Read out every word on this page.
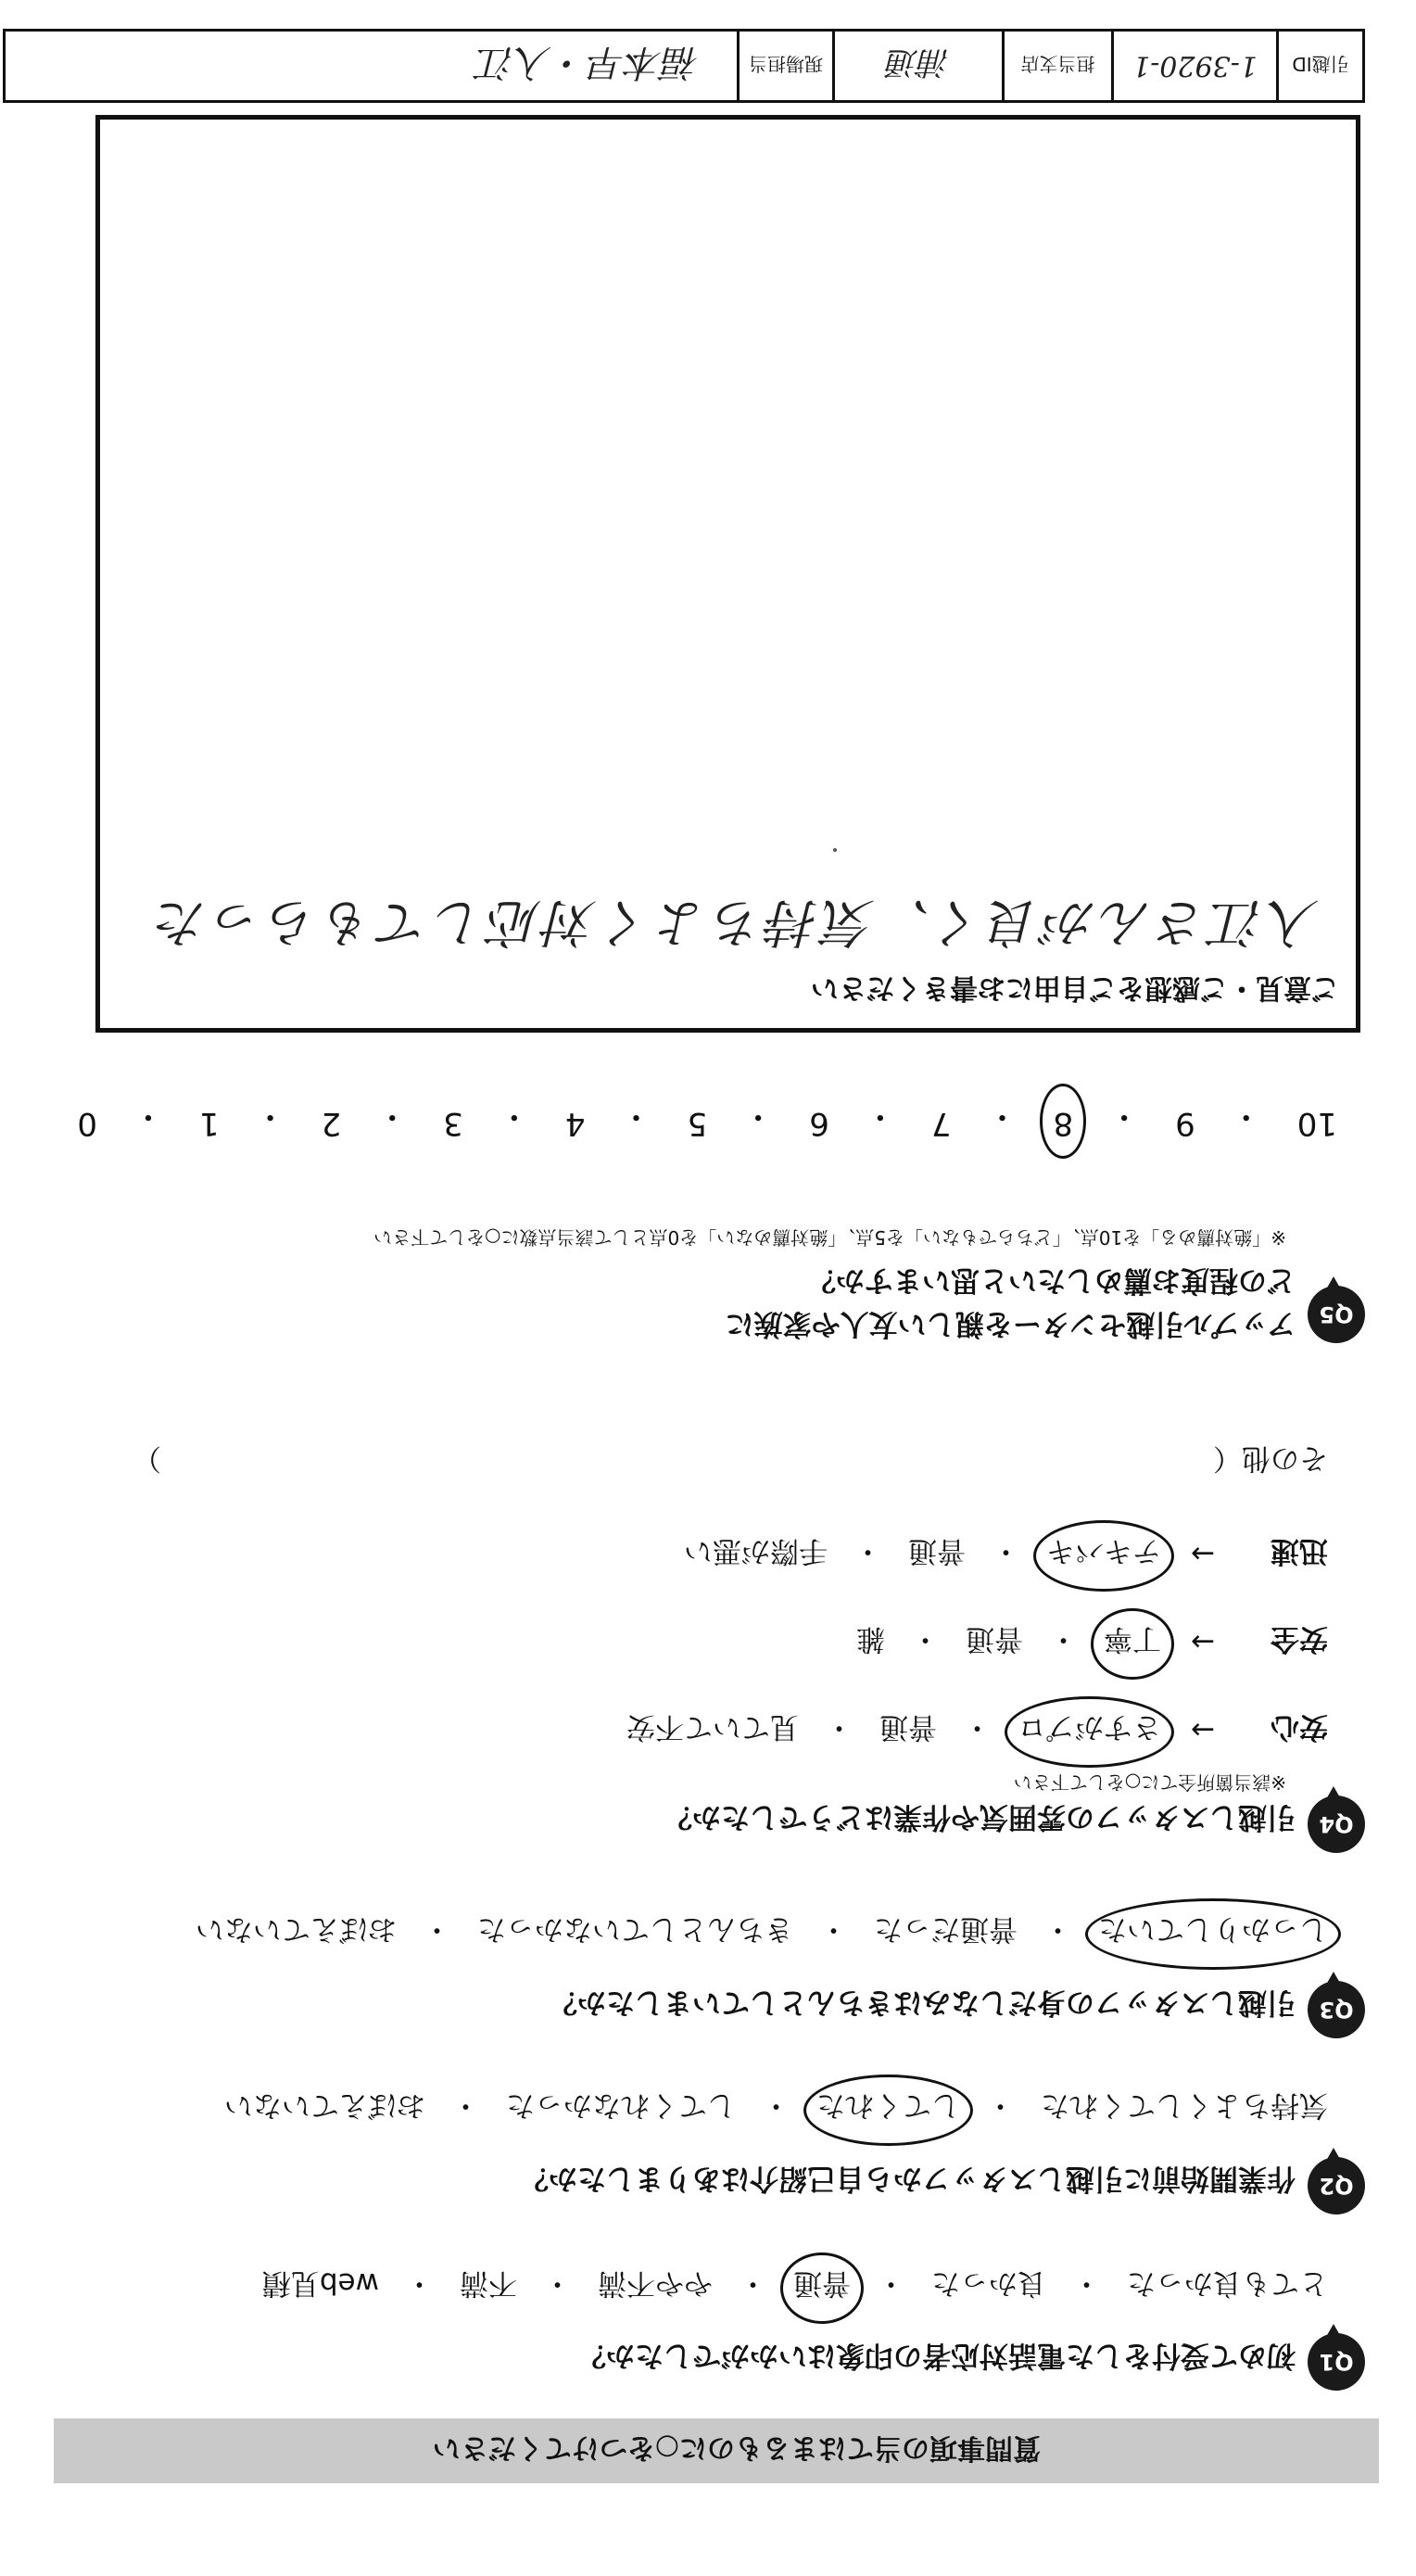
質問事項の当てはまるものに○をつけてください
Q1
初めて受付をした電話対応者の印象はいかがでしたか？
とても良かった
・
良かった
・
普通
・
やや不満
・
不満
・
web見積
Q2
作業開始前に引越しスタッフから自己紹介はありましたか？
気持ちよくしてくれた
・
してくれた
・
してくれなかった
・
おぼえていない
Q3
引越しスタッフの身だしなみはきちんとしていましたか？
しっかりしていた
・
普通だった
・
きちんとしていなかった
・
おぼえていない
Q4
引越しスタッフの雰囲気や作業はどうでしたか？
※該当箇所全てに○をして下さい
安心
→
さすがプロ
・
普通
・
見ていて不安
安全
→
丁寧
・
普通
・
雑
迅速
→
テキパキ
・
普通
・
手際が悪い
その他（
）
Q5
アップル引越センターを親しい友人や家族に
どの程度お薦めしたいと思いますか？
※「絶対薦める」を10点、「どちらでもない」を5点、「絶対薦めない」を0点として該当点数に○をして下さい
10
・
9
・
8
・
7
・
6
・
5
・
4
・
3
・
2
・
1
・
0
ご意見・ご感想をご自由にお書きください
入江さんが良く、気持ちよく対応してもらった
引越ID
1-3920-1
担当支店
浦通
現場担当
福本早・入江
